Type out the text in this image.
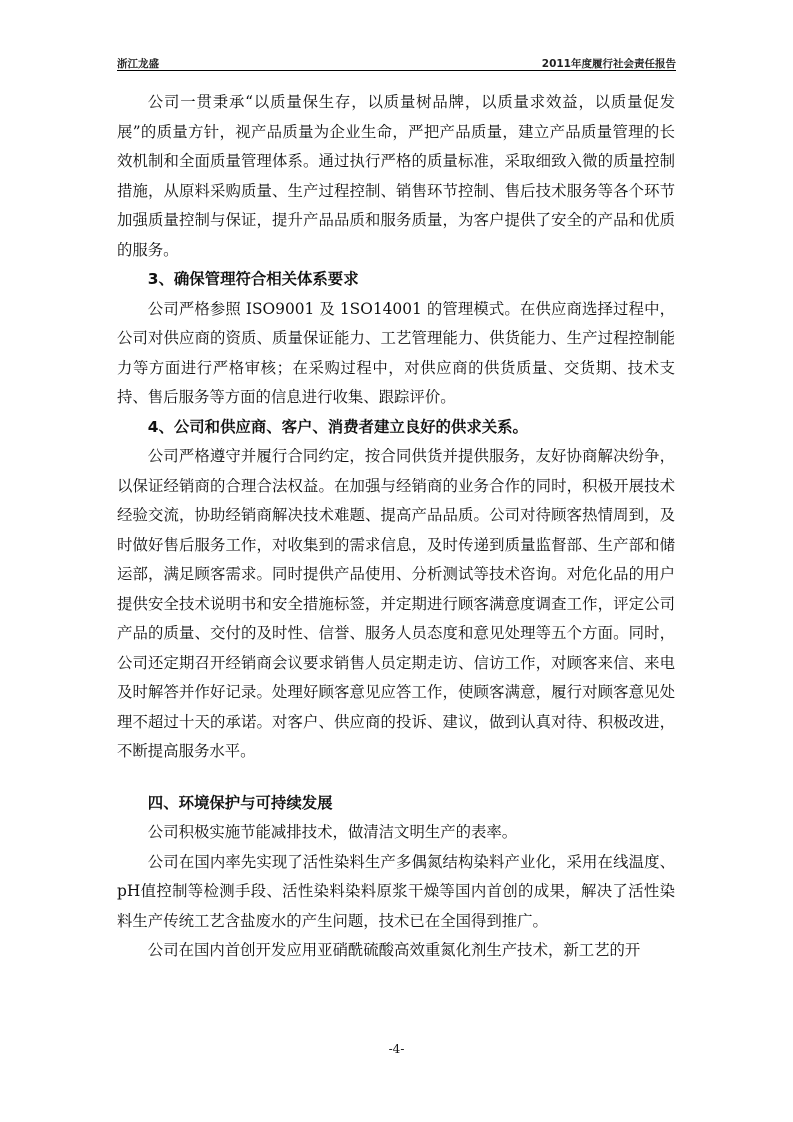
浙江龙盛	2011年度履行社会责任报告

公司一贯秉承“以质量保生存，以质量树品牌，以质量求效益，以质量促发展”的质量方针，视产品质量为企业生命，严把产品质量，建立产品质量管理的长效机制和全面质量管理体系。通过执行严格的质量标准，采取细致入微的质量控制措施，从原料采购质量、生产过程控制、销售环节控制、售后技术服务等各个环节加强质量控制与保证，提升产品品质和服务质量，为客户提供了安全的产品和优质的服务。

3、确保管理符合相关体系要求

公司严格参照 ISO9001 及 1SO14001 的管理模式。在供应商选择过程中，公司对供应商的资质、质量保证能力、工艺管理能力、供货能力、生产过程控制能力等方面进行严格审核；在采购过程中，对供应商的供货质量、交货期、技术支持、售后服务等方面的信息进行收集、跟踪评价。

4、公司和供应商、客户、消费者建立良好的供求关系。

公司严格遵守并履行合同约定，按合同供货并提供服务，友好协商解决纷争，以保证经销商的合理合法权益。在加强与经销商的业务合作的同时，积极开展技术经验交流，协助经销商解决技术难题、提高产品品质。公司对待顾客热情周到，及时做好售后服务工作，对收集到的需求信息，及时传递到质量监督部、生产部和储运部，满足顾客需求。同时提供产品使用、分析测试等技术咨询。对危化品的用户提供安全技术说明书和安全措施标签，并定期进行顾客满意度调查工作，评定公司产品的质量、交付的及时性、信誉、服务人员态度和意见处理等五个方面。同时，公司还定期召开经销商会议要求销售人员定期走访、信访工作，对顾客来信、来电及时解答并作好记录。处理好顾客意见应答工作，使顾客满意，履行对顾客意见处理不超过十天的承诺。对客户、供应商的投诉、建议，做到认真对待、积极改进，不断提高服务水平。

四、环境保护与可持续发展

公司积极实施节能减排技术，做清洁文明生产的表率。

公司在国内率先实现了活性染料生产多偶氮结构染料产业化，采用在线温度、pH值控制等检测手段、活性染料染料原浆干燥等国内首创的成果，解决了活性染料生产传统工艺含盐废水的产生问题，技术已在全国得到推广。

公司在国内首创开发应用亚硝酰硫酸高效重氮化剂生产技术，新工艺的开

-4-
